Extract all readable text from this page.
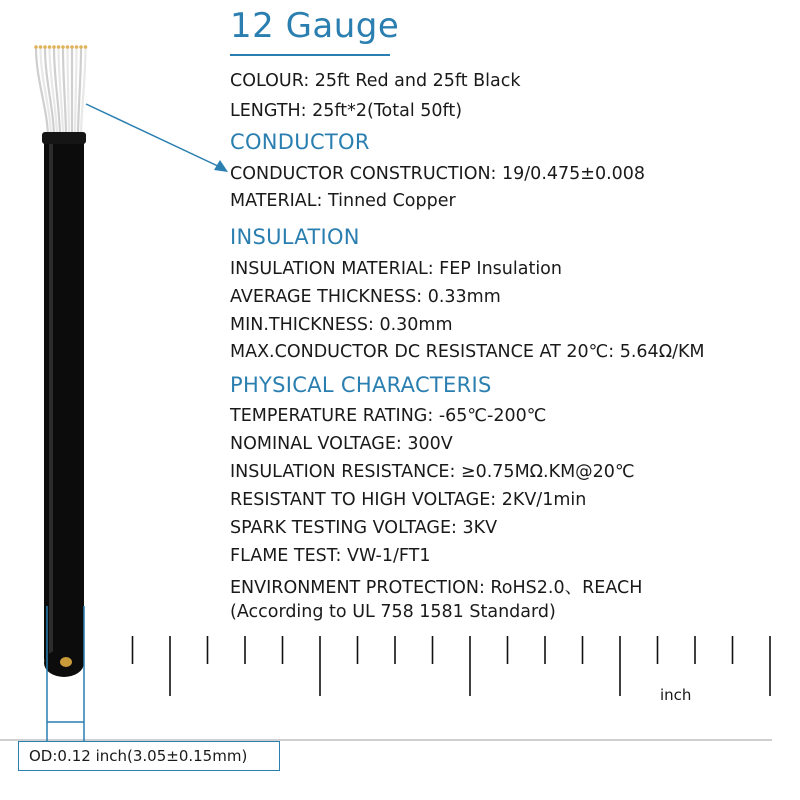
12 Gauge
COLOUR: 25ft Red and 25ft Black
LENGTH: 25ft*2(Total 50ft)
CONDUCTOR
CONDUCTOR CONSTRUCTION: 19/0.475±0.008
MATERIAL: Tinned Copper
INSULATION
INSULATION MATERIAL: FEP Insulation
AVERAGE THICKNESS: 0.33mm
MIN.THICKNESS: 0.30mm
MAX.CONDUCTOR DC RESISTANCE AT 20℃: 5.64Ω/KM
PHYSICAL CHARACTERIS
TEMPERATURE RATING: -65℃-200℃
NOMINAL VOLTAGE: 300V
INSULATION RESISTANCE: ≥0.75MΩ.KM@20℃
RESISTANT TO HIGH VOLTAGE: 2KV/1min
SPARK TESTING VOLTAGE: 3KV
FLAME TEST: VW-1/FT1
ENVIRONMENT PROTECTION: RoHS2.0、REACH
(According to UL 758 1581 Standard)
inch
OD:0.12 inch(3.05±0.15mm)
